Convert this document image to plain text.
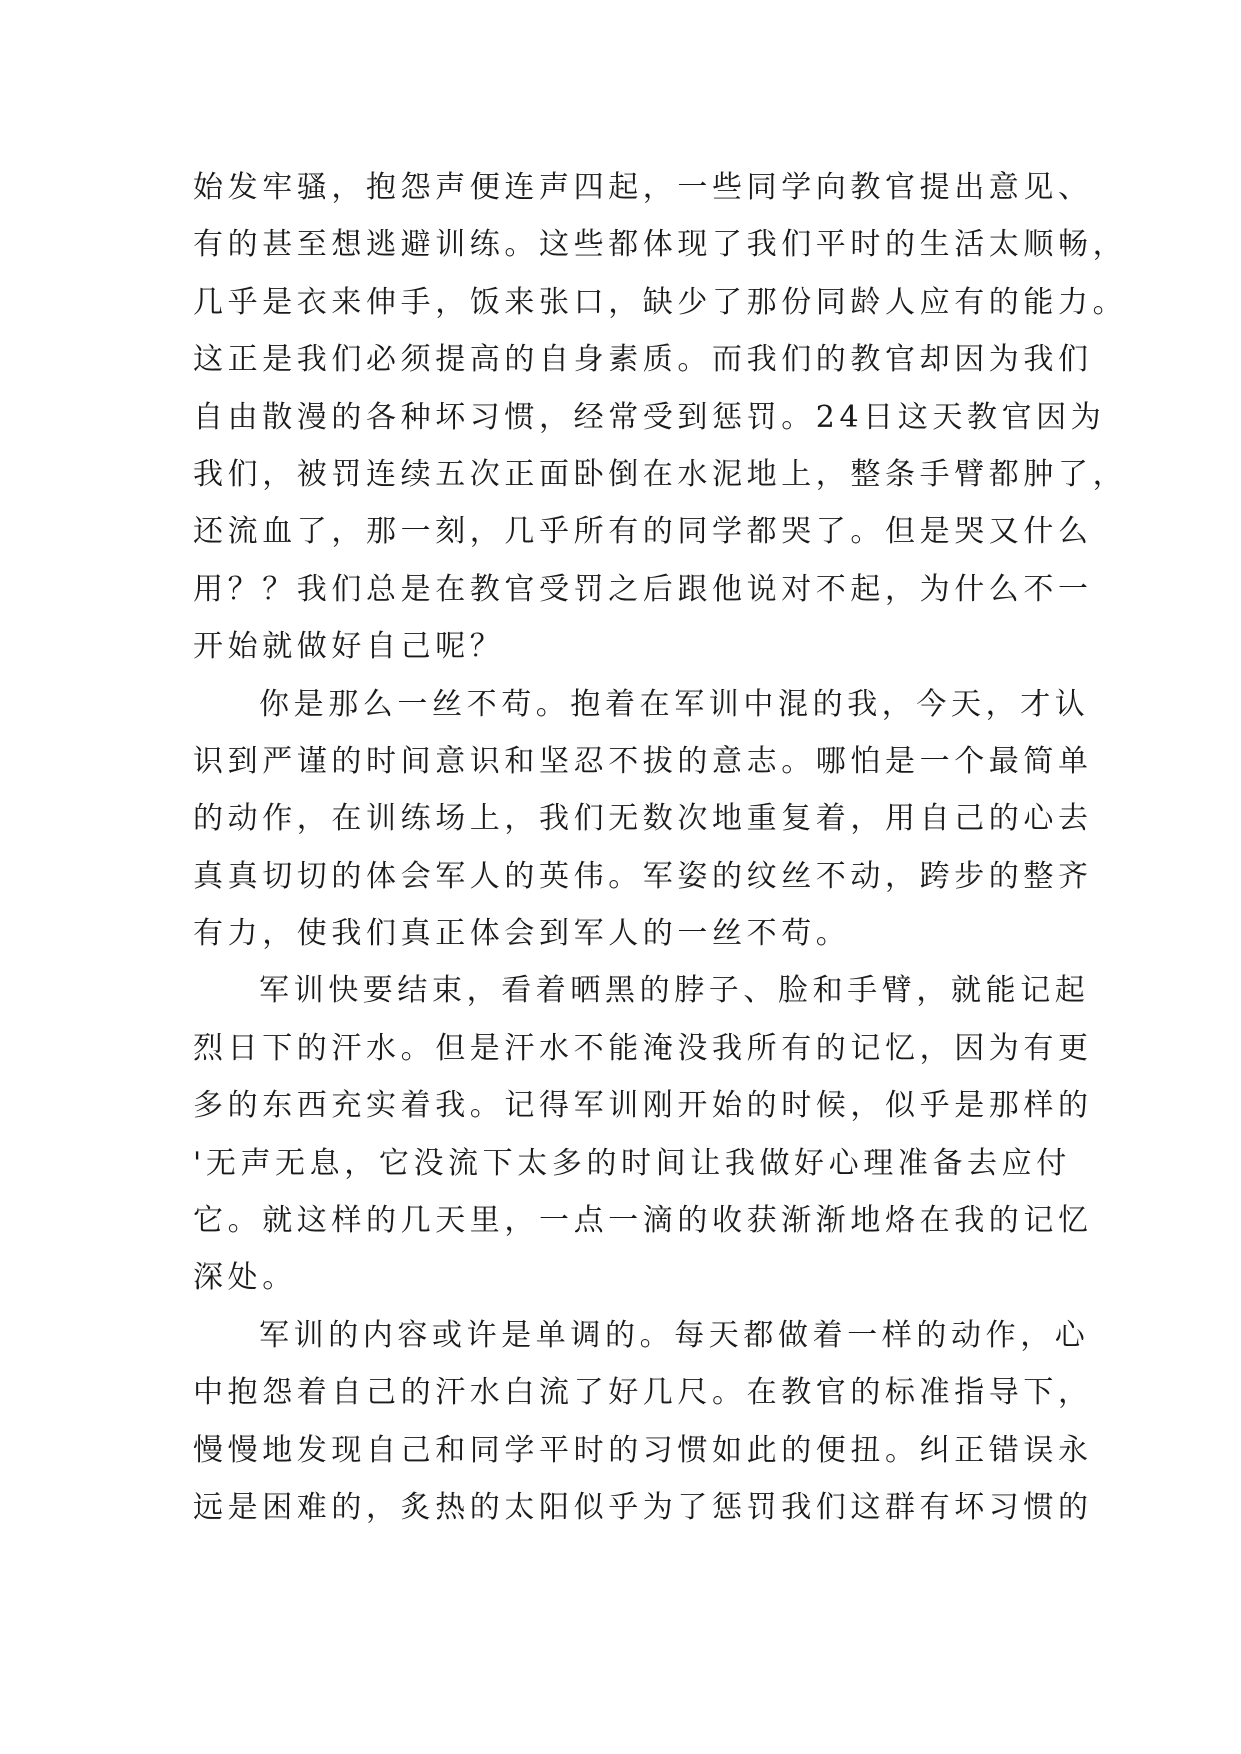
始发牢骚，抱怨声便连声四起，一些同学向教官提出意见、
有的甚至想逃避训练。这些都体现了我们平时的生活太顺畅，
几乎是衣来伸手，饭来张口，缺少了那份同龄人应有的能力。
这正是我们必须提高的自身素质。而我们的教官却因为我们
自由散漫的各种坏习惯，经常受到惩罚。24日这天教官因为
我们，被罚连续五次正面卧倒在水泥地上，整条手臂都肿了，
还流血了，那一刻，几乎所有的同学都哭了。但是哭又什么
用？？我们总是在教官受罚之后跟他说对不起，为什么不一
开始就做好自己呢？
你是那么一丝不苟。抱着在军训中混的我，今天，才认
识到严谨的时间意识和坚忍不拔的意志。哪怕是一个最简单
的动作，在训练场上，我们无数次地重复着，用自己的心去
真真切切的体会军人的英伟。军姿的纹丝不动，跨步的整齐
有力，使我们真正体会到军人的一丝不苟。
军训快要结束，看着晒黑的脖子、脸和手臂，就能记起
烈日下的汗水。但是汗水不能淹没我所有的记忆，因为有更
多的东西充实着我。记得军训刚开始的时候，似乎是那样的
'无声无息，它没流下太多的时间让我做好心理准备去应付
它。就这样的几天里，一点一滴的收获渐渐地烙在我的记忆
深处。
军训的内容或许是单调的。每天都做着一样的动作，心
中抱怨着自己的汗水白流了好几尺。在教官的标准指导下，
慢慢地发现自己和同学平时的习惯如此的便扭。纠正错误永
远是困难的，炙热的太阳似乎为了惩罚我们这群有坏习惯的
